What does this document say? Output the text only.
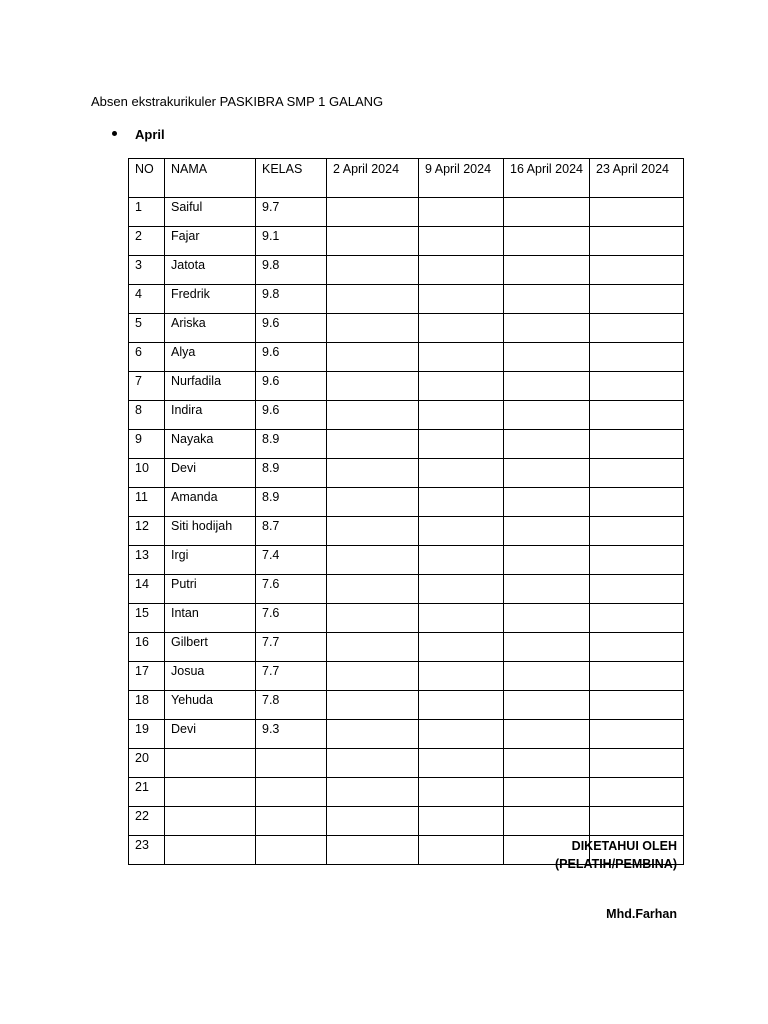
Absen ekstrakurikuler PASKIBRA SMP 1 GALANG
April
NO	NAMA	KELAS	2 April 2024	9 April 2024	16 April 2024	23 April 2024
1	Saiful	9.7				
2	Fajar	9.1				
3	Jatota	9.8				
4	Fredrik	9.8				
5	Ariska	9.6				
6	Alya	9.6				
7	Nurfadila	9.6				
8	Indira	9.6				
9	Nayaka	8.9				
10	Devi	8.9				
11	Amanda	8.9				
12	Siti hodijah	8.7				
13	Irgi	7.4				
14	Putri	7.6				
15	Intan	7.6				
16	Gilbert	7.7				
17	Josua	7.7				
18	Yehuda	7.8				
19	Devi	9.3				
20						
21						
22						
23							DIKETAHUI OLEH
(PELATIH/PEMBINA)
Mhd.Farhan
